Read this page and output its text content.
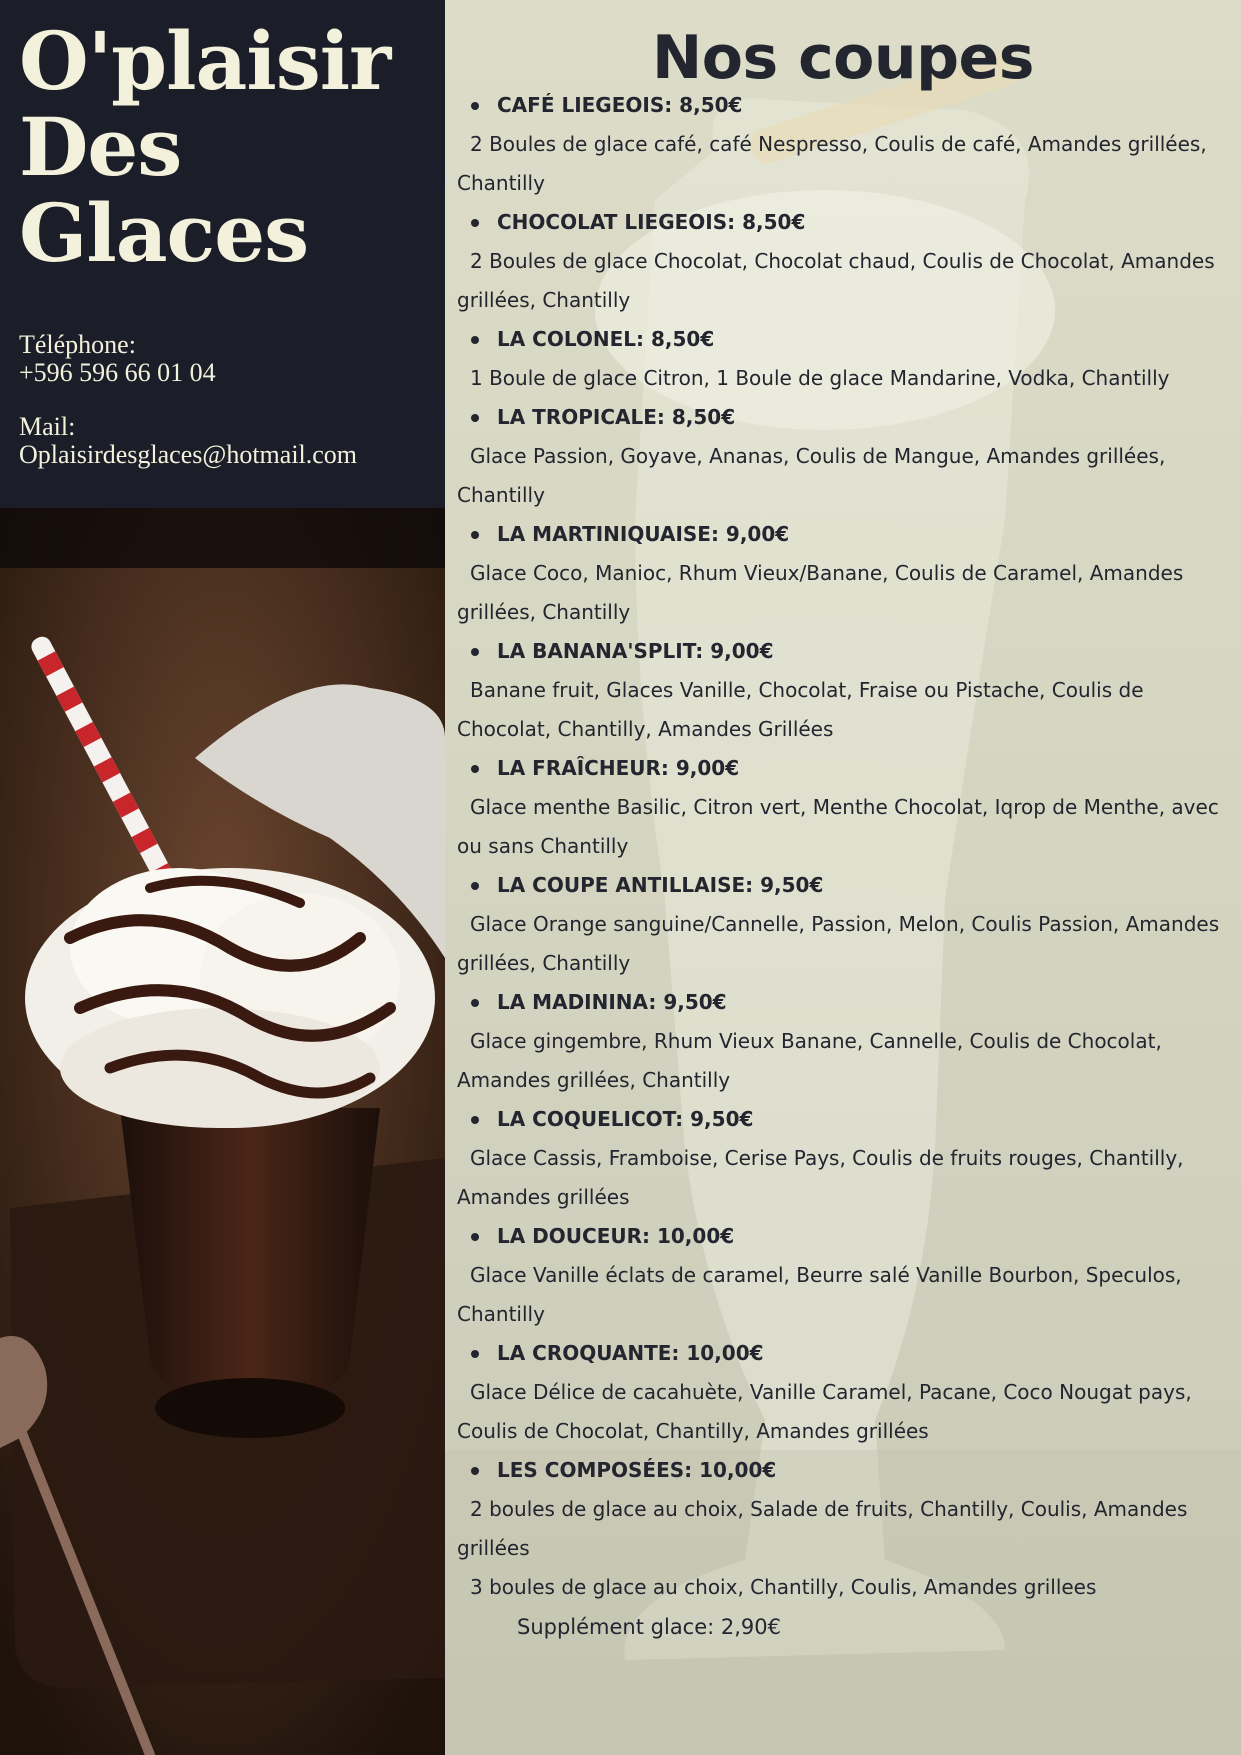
O'plaisir
Des
Glaces
Téléphone:
+596 596 66 01 04
Mail:
Oplaisirdesglaces@hotmail.com
Nos coupes
CAFÉ LIEGEOIS: 8,50€
2 Boules de glace café, café Nespresso, Coulis de café, Amandes grillées, Chantilly
CHOCOLAT LIEGEOIS: 8,50€
2 Boules de glace Chocolat, Chocolat chaud, Coulis de Chocolat, Amandes grillées, Chantilly
LA COLONEL: 8,50€
1 Boule de glace Citron, 1 Boule de glace Mandarine, Vodka, Chantilly
LA TROPICALE: 8,50€
Glace Passion, Goyave, Ananas, Coulis de Mangue, Amandes grillées, Chantilly
LA MARTINIQUAISE: 9,00€
Glace Coco, Manioc, Rhum Vieux/Banane, Coulis de Caramel, Amandes grillées, Chantilly
LA BANANA'SPLIT: 9,00€
Banane fruit, Glaces Vanille, Chocolat, Fraise ou Pistache, Coulis de Chocolat, Chantilly, Amandes Grillées
LA FRAÎCHEUR: 9,00€
Glace menthe Basilic, Citron vert, Menthe Chocolat, Iqrop de Menthe, avec ou sans Chantilly
LA COUPE ANTILLAISE: 9,50€
Glace Orange sanguine/Cannelle, Passion, Melon, Coulis Passion, Amandes grillées, Chantilly
LA MADININA: 9,50€
Glace gingembre, Rhum Vieux Banane, Cannelle, Coulis de Chocolat, Amandes grillées, Chantilly
LA COQUELICOT: 9,50€
Glace Cassis, Framboise, Cerise Pays, Coulis de fruits rouges, Chantilly, Amandes grillées
LA DOUCEUR: 10,00€
Glace Vanille éclats de caramel, Beurre salé Vanille Bourbon, Speculos, Chantilly
LA CROQUANTE: 10,00€
Glace Délice de cacahuète, Vanille Caramel, Pacane, Coco Nougat pays, Coulis de Chocolat, Chantilly, Amandes grillées
LES COMPOSÉES: 10,00€
2 boules de glace au choix, Salade de fruits, Chantilly, Coulis, Amandes grillées
3 boules de glace au choix, Chantilly, Coulis, Amandes grillees
Supplément glace: 2,90€
